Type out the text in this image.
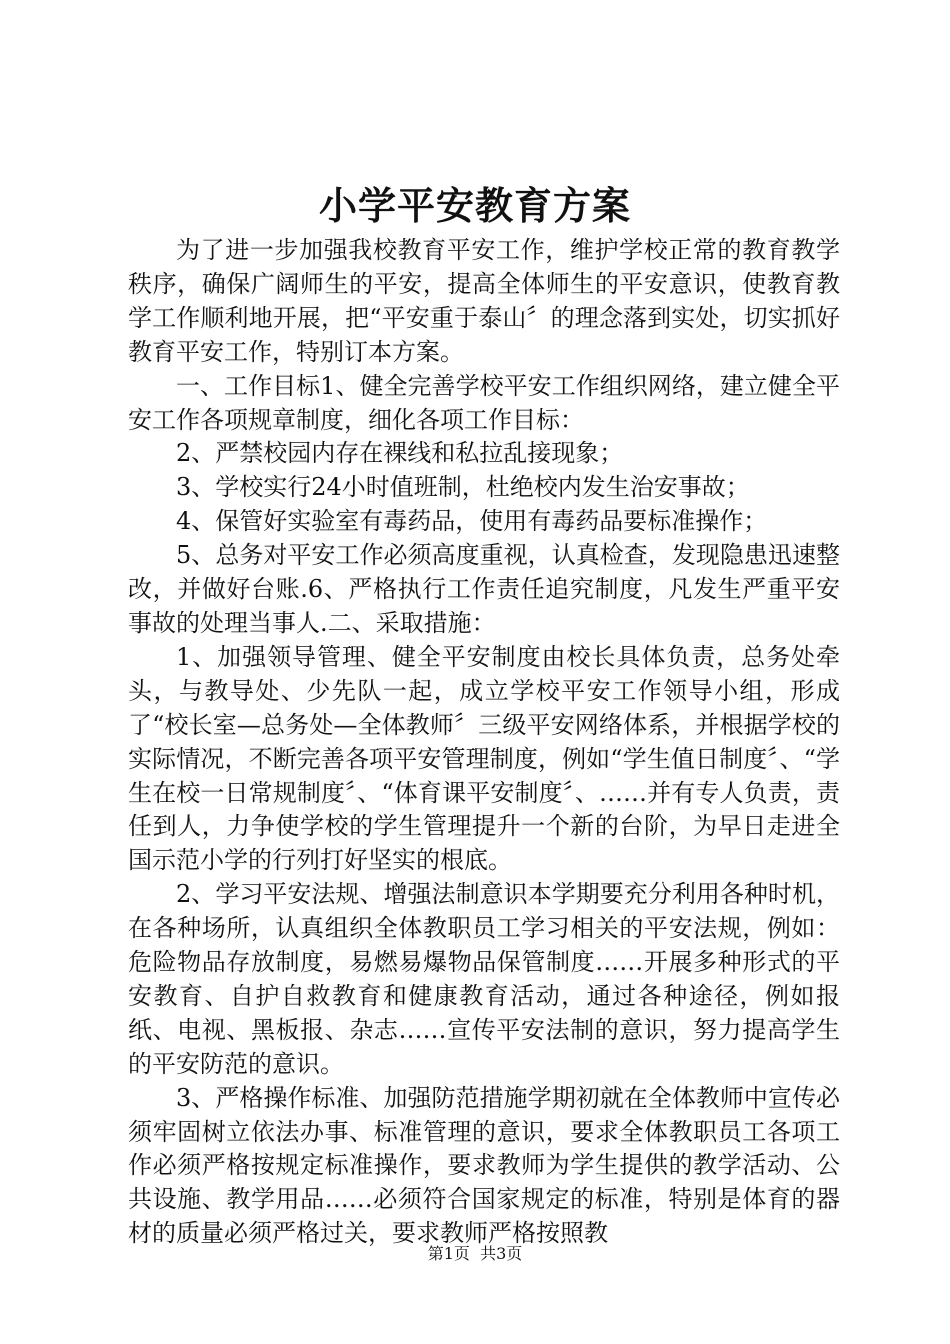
小学平安教育方案

为了进一步加强我校教育平安工作，维护学校正常的教育教学秩序，确保广阔师生的平安，提高全体师生的平安意识，使教育教学工作顺利地开展，把“平安重于泰山〞的理念落到实处，切实抓好教育平安工作，特别订本方案。

一、工作目标1、健全完善学校平安工作组织网络，建立健全平安工作各项规章制度，细化各项工作目标：

2、严禁校园内存在裸线和私拉乱接现象；

3、学校实行24小时值班制，杜绝校内发生治安事故；

4、保管好实验室有毒药品，使用有毒药品要标准操作；

5、总务对平安工作必须高度重视，认真检查，发现隐患迅速整改，并做好台账.6、严格执行工作责任追究制度，凡发生严重平安事故的处理当事人.二、采取措施：

1、加强领导管理、健全平安制度由校长具体负责，总务处牵头，与教导处、少先队一起，成立学校平安工作领导小组，形成了“校长室—总务处—全体教师〞三级平安网络体系，并根据学校的实际情况，不断完善各项平安管理制度，例如“学生值日制度〞、“学生在校一日常规制度〞、“体育课平安制度〞、……并有专人负责，责任到人，力争使学校的学生管理提升一个新的台阶，为早日走进全国示范小学的行列打好坚实的根底。

2、学习平安法规、增强法制意识本学期要充分利用各种时机，在各种场所，认真组织全体教职员工学习相关的平安法规，例如：危险物品存放制度，易燃易爆物品保管制度……开展多种形式的平安教育、自护自救教育和健康教育活动，通过各种途径，例如报纸、电视、黑板报、杂志……宣传平安法制的意识，努力提高学生的平安防范的意识。

3、严格操作标准、加强防范措施学期初就在全体教师中宣传必须牢固树立依法办事、标准管理的意识，要求全体教职员工各项工作必须严格按规定标准操作，要求教师为学生提供的教学活动、公共设施、教学用品……必须符合国家规定的标准，特别是体育的器材的质量必须严格过关，要求教师严格按照教

第1页 共3页
